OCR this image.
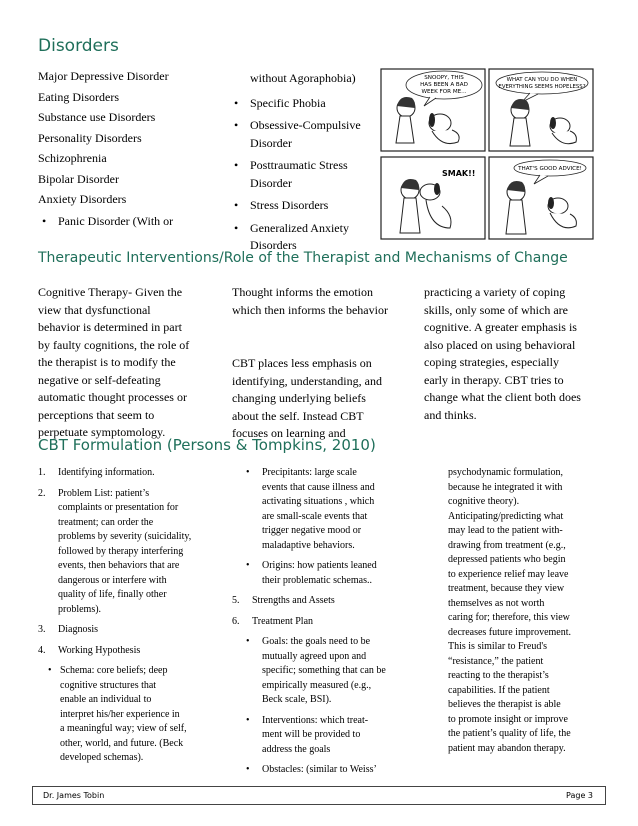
Disorders
Major Depressive Disorder
Eating Disorders
Substance use Disorders
Personality Disorders
Schizophrenia
Bipolar Disorder
Anxiety Disorders
• Panic Disorder (With or
without Agoraphobia)
• Specific Phobia
• Obsessive-Compulsive
Disorder
• Posttraumatic Stress
Disorder
• Stress Disorders
• Generalized Anxiety
Disorders
SNOOPY, THIS
HAS BEEN A BAD
WEEK FOR ME...
WHAT CAN YOU DO WHEN
EVERYTHING SEEMS HOPELESS?
SMAK!!	THAT'S GOOD ADVICE!
Therapeutic Interventions/Role of the Therapist and Mechanisms of Change
Cognitive Therapy- Given the
view that dysfunctional
behavior is determined in part
by faulty cognitions, the role of
the therapist is to modify the
negative or self-defeating
automatic thought processes or
perceptions that seem to
perpetuate symptomology.
Thought informs the emotion
which then informs the behavior
CBT places less emphasis on
identifying, understanding, and
changing underlying beliefs
about the self. Instead CBT
focuses on learning and
practicing a variety of coping
skills, only some of which are
cognitive. A greater emphasis is
also placed on using behavioral
coping strategies, especially
early in therapy. CBT tries to
change what the client both does
and thinks.
CBT Formulation (Persons & Tompkins, 2010)
1. Identifying information.
2. Problem List: patient’s
complaints or presentation for
treatment; can order the
problems by severity (suicidality,
followed by therapy interfering
events, then behaviors that are
dangerous or interfere with
quality of life, finally other
problems).
3. Diagnosis
4. Working Hypothesis
• Schema: core beliefs; deep
cognitive structures that
enable an individual to
interpret his/her experience in
a meaningful way; view of self,
other, world, and future. (Beck
developed schemas).
• Precipitants: large scale
events that cause illness and
activating situations , which
are small-scale events that
trigger negative mood or
maladaptive behaviors.
• Origins: how patients leaned
their problematic schemas..
5. Strengths and Assets
6. Treatment Plan
• Goals: the goals need to be
mutually agreed upon and
specific; something that can be
empirically measured (e.g.,
Beck scale, BSI).
• Interventions: which treat-
ment will be provided to
address the goals
• Obstacles: (similar to Weiss’
psychodynamic formulation,
because he integrated it with
cognitive theory).
Anticipating/predicting what
may lead to the patient with-
drawing from treatment (e.g.,
depressed patients who begin
to experience relief may leave
treatment, because they view
themselves as not worth
caring for; therefore, this view
decreases future improvement.
This is similar to Freud's
“resistance,” the patient
reacting to the therapist’s
capabilities. If the patient
believes the therapist is able
to promote insight or improve
the patient’s quality of life, the
patient may abandon therapy.
Dr. James Tobin	Page 3
